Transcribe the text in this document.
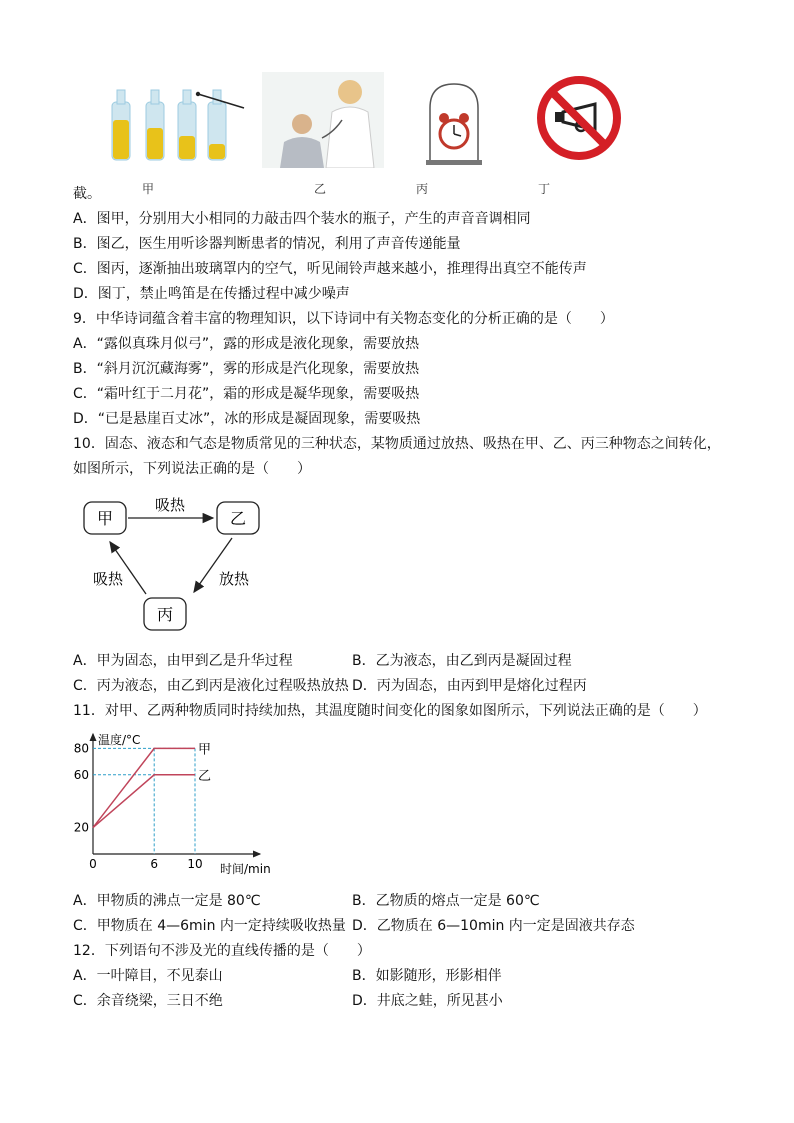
甲	乙	丙	丁
截。
A．图甲，分别用大小相同的力敲击四个装水的瓶子，产生的声音音调相同
B．图乙，医生用听诊器判断患者的情况，利用了声音传递能量
C．图丙，逐渐抽出玻璃罩内的空气，听见闹铃声越来越小，推理得出真空不能传声
D．图丁，禁止鸣笛是在传播过程中减少噪声
9．中华诗词蕴含着丰富的物理知识，以下诗词中有关物态变化的分析正确的是（　　）
A．“露似真珠月似弓”，露的形成是液化现象，需要放热
B．“斜月沉沉藏海雾”，雾的形成是汽化现象，需要放热
C．“霜叶红于二月花”，霜的形成是凝华现象，需要吸热
D．“已是悬崖百丈冰”，冰的形成是凝固现象，需要吸热
10．固态、液态和气态是物质常见的三种状态，某物质通过放热、吸热在甲、乙、丙三种物态之间转化，
如图所示，下列说法正确的是（　　）
甲	乙
丙
吸热
放热
吸热
A．甲为固态，由甲到乙是升华过程	B．乙为液态，由乙到丙是凝固过程
C．丙为液态，由乙到丙是液化过程吸热放热 D．丙为固态，由丙到甲是熔化过程丙
11．对甲、乙两种物质同时持续加热，其温度随时间变化的图象如图所示，下列说法正确的是（　　）
温度/°C
时间/min
20
60
80
0	6 10
甲
乙
A．甲物质的沸点一定是 80℃	B．乙物质的熔点一定是 60℃
C．甲物质在 4—6min 内一定持续吸收热量 D．乙物质在 6—10min 内一定是固液共存态
12．下列语句不涉及光的直线传播的是（　　）
A．一叶障目，不见泰山	B．如影随形，形影相伴
C．余音绕梁，三日不绝	D．井底之蛙，所见甚小
